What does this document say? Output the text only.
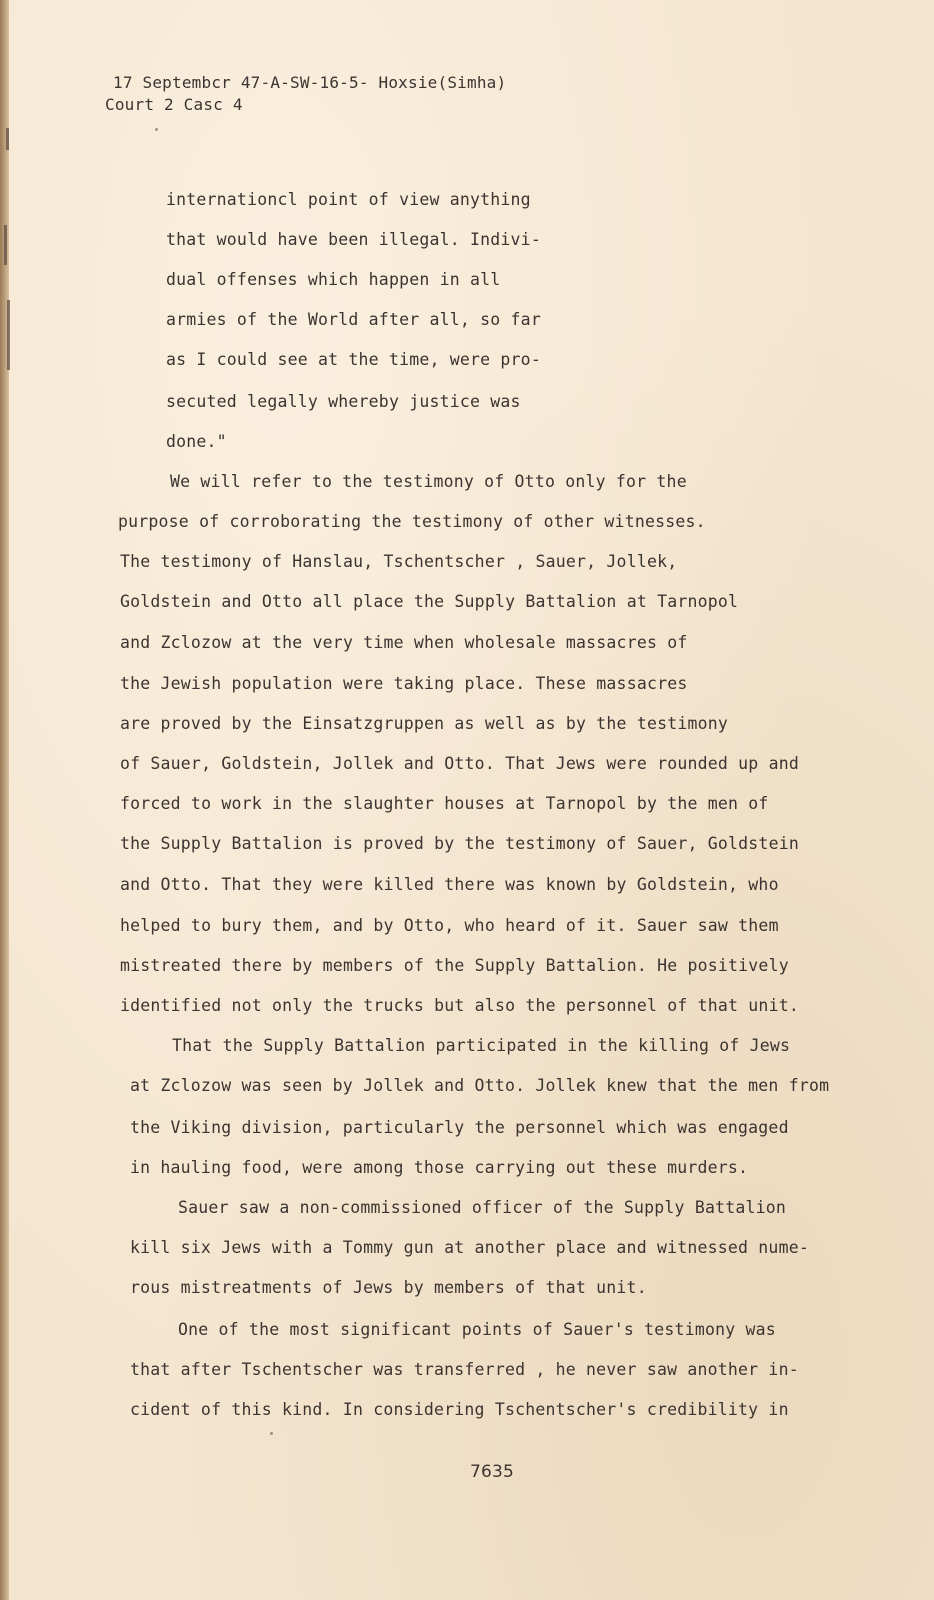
17 Septembcr 47-A-SW-16-5- Hoxsie(Simha)
Court 2 Casc 4
internationcl point of view anything
that would have been illegal. Indivi-
dual offenses which happen in all
armies of the World after all, so far
as I could see at the time, were pro-
secuted legally whereby justice was
done."
We will refer to the testimony of Otto only for the
purpose of corroborating the testimony of other witnesses.
The testimony of Hanslau, Tschentscher , Sauer, Jollek,
Goldstein and Otto all place the Supply Battalion at Tarnopol
and Zclozow at the very time when wholesale massacres of
the Jewish population were taking place. These massacres
are proved by the Einsatzgruppen as well as by the testimony
of Sauer, Goldstein, Jollek and Otto. That Jews were rounded up and
forced to work in the slaughter houses at Tarnopol by the men of
the Supply Battalion is proved by the testimony of Sauer, Goldstein
and Otto. That they were killed there was known by Goldstein, who
helped to bury them, and by Otto, who heard of it. Sauer saw them
mistreated there by members of the Supply Battalion. He positively
identified not only the trucks but also the personnel of that unit.
That the Supply Battalion participated in the killing of Jews
at Zclozow was seen by Jollek and Otto. Jollek knew that the men from
the Viking division, particularly the personnel which was engaged
in hauling food, were among those carrying out these murders.
Sauer saw a non-commissioned officer of the Supply Battalion
kill six Jews with a Tommy gun at another place and witnessed nume-
rous mistreatments of Jews by members of that unit.
One of the most significant points of Sauer's testimony was
that after Tschentscher was transferred , he never saw another in-
cident of this kind. In considering Tschentscher's credibility in
7635
